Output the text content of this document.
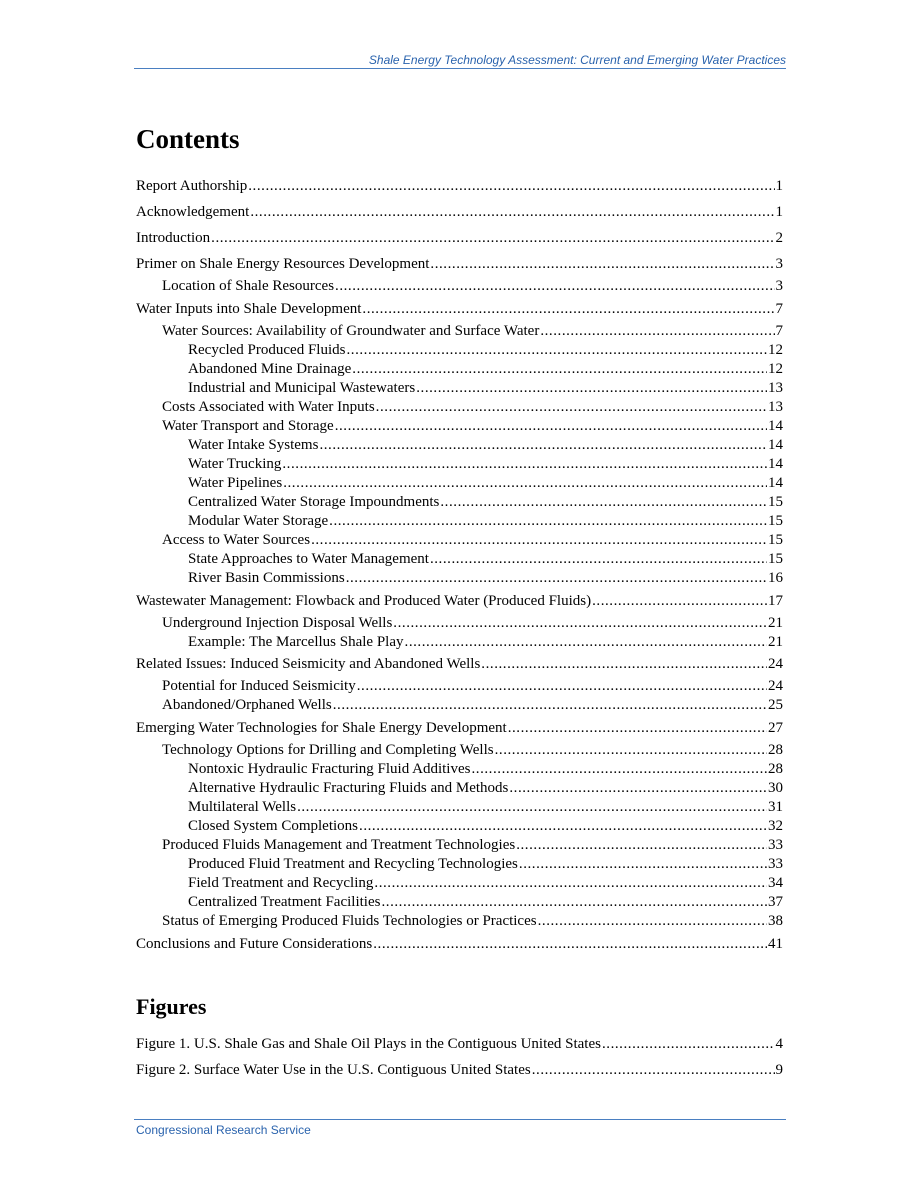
Shale Energy Technology Assessment: Current and Emerging Water Practices
Contents
Report Authorship . . .	1
Acknowledgement . . .	1
Introduction . . .	2
Primer on Shale Energy Resources Development . . .	3
Location of Shale Resources . . .	3
Water Inputs into Shale Development . . .	7
Water Sources: Availability of Groundwater and Surface Water . . .	7
Recycled Produced Fluids . . .	12
Abandoned Mine Drainage . . .	12
Industrial and Municipal Wastewaters . . .	13
Costs Associated with Water Inputs . . .	13
Water Transport and Storage . . .	14
Water Intake Systems . . .	14
Water Trucking . . .	14
Water Pipelines . . .	14
Centralized Water Storage Impoundments . . .	15
Modular Water Storage . . .	15
Access to Water Sources . . .	15
State Approaches to Water Management . . .	15
River Basin Commissions . . .	16
Wastewater Management: Flowback and Produced Water (Produced Fluids) . . .	17
Underground Injection Disposal Wells . . .	21
Example: The Marcellus Shale Play . . .	21
Related Issues: Induced Seismicity and Abandoned Wells . . .	24
Potential for Induced Seismicity . . .	24
Abandoned/Orphaned Wells . . .	25
Emerging Water Technologies for Shale Energy Development . . .	27
Technology Options for Drilling and Completing Wells . . .	28
Nontoxic Hydraulic Fracturing Fluid Additives . . .	28
Alternative Hydraulic Fracturing Fluids and Methods . . .	30
Multilateral Wells . . .	31
Closed System Completions . . .	32
Produced Fluids Management and Treatment Technologies . . .	33
Produced Fluid Treatment and Recycling Technologies . . .	33
Field Treatment and Recycling . . .	34
Centralized Treatment Facilities . . .	37
Status of Emerging Produced Fluids Technologies or Practices . . .	38
Conclusions and Future Considerations . . .	41
Figures
Figure 1. U.S. Shale Gas and Shale Oil Plays in the Contiguous United States . . .	4
Figure 2. Surface Water Use in the U.S. Contiguous United States . . .	9
Congressional Research Service
